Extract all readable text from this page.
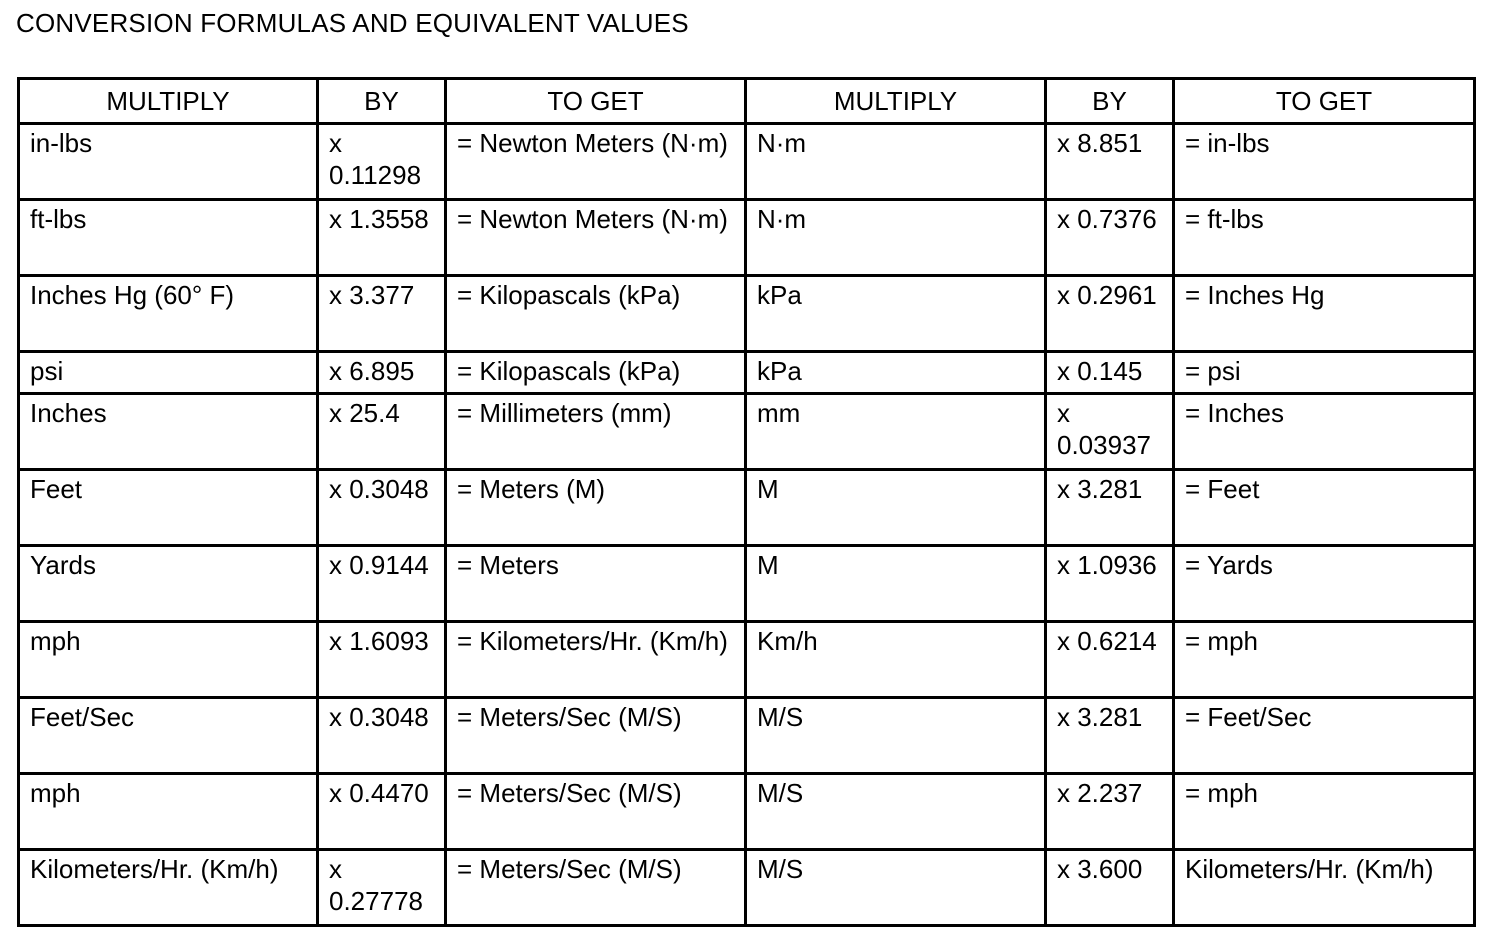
CONVERSION FORMULAS AND EQUIVALENT VALUES
MULTIPLY	BY	TO GET	MULTIPLY	BY	TO GET
in-lbs	x 0.11298	= Newton Meters (N·m)	N·m	x 8.851	= in-lbs
ft-lbs	x 1.3558	= Newton Meters (N·m)	N·m	x 0.7376	= ft-lbs
Inches Hg (60° F)	x 3.377	= Kilopascals (kPa)	kPa	x 0.2961	= Inches Hg
psi	x 6.895	= Kilopascals (kPa)	kPa	x 0.145	= psi
Inches	x 25.4	= Millimeters (mm)	mm	x 0.03937	= Inches
Feet	x 0.3048	= Meters (M)	M	x 3.281	= Feet
Yards	x 0.9144	= Meters	M	x 1.0936	= Yards
mph	x 1.6093	= Kilometers/Hr. (Km/h)	Km/h	x 0.6214	= mph
Feet/Sec	x 0.3048	= Meters/Sec (M/S)	M/S	x 3.281	= Feet/Sec
mph	x 0.4470	= Meters/Sec (M/S)	M/S	x 2.237	= mph
Kilometers/Hr. (Km/h)	x 0.27778	= Meters/Sec (M/S)	M/S	x 3.600	Kilometers/Hr. (Km/h)
